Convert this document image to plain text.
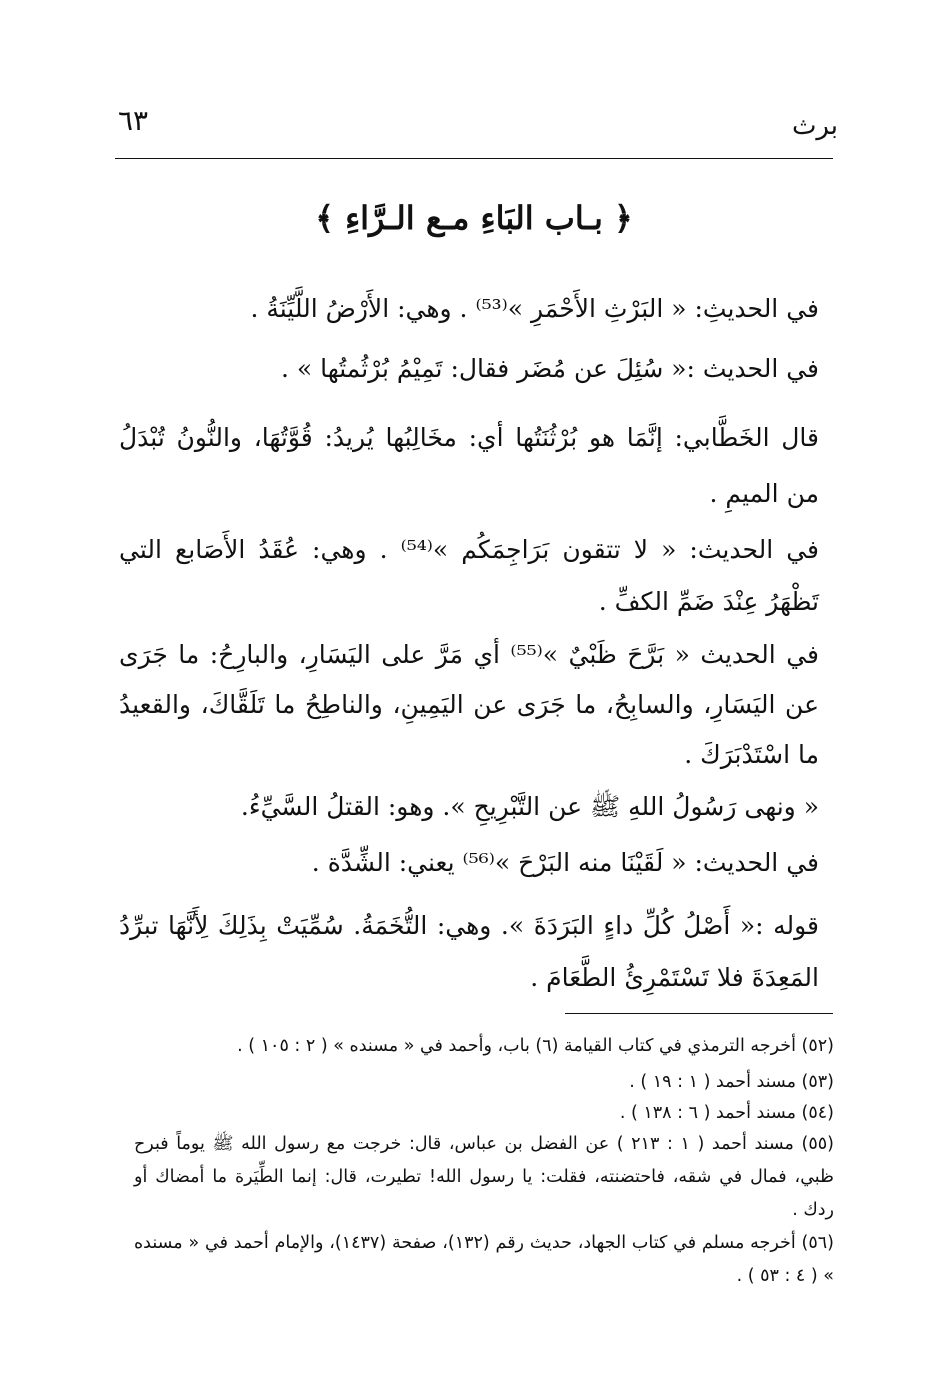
برث
٦٣
﴿ بـاب البَاءِ مـع الـرَّاءِ ﴾
في الحديثِ: « البَرْثِ الأَحْمَرِ »⁽⁵³⁾ . وهي: الأَرْضُ اللَّيِّنَةُ .
في الحديث :« سُئِلَ عن مُضَر فقال: تَمِيْمُ بُرْثُمتُها » .
قال الخَطَّابي: إنَّمَا هو بُرْثُنَتُها أي: مخَالِبُها يُريدُ: قُوَّتُهَا، والنُّونُ تُبْدَلُ من الميمِ .
في الحديث: « لا تتقون بَرَاجِمَكُم »⁽⁵⁴⁾ . وهي: عُقَدُ الأَصَابع التي تَظْهَرُ عِنْدَ ضَمِّ الكفِّ .
في الحديث « بَرَّحَ ظَبْيٌ »⁽⁵⁵⁾ أي مَرَّ على اليَسَارِ، والبارِحُ: ما جَرَى عن اليَسَارِ، والسابِحُ، ما جَرَى عن اليَمِينِ، والناطِحُ ما تَلَقَّاكَ، والقعيدُ ما اسْتَدْبَرَكَ .
« ونهى رَسُولُ اللهِ ﷺ عن التَّبْرِيحِ ». وهو: القتلُ السَّيِّءُ.
في الحديث: « لَقَيْنَا منه البَرْحَ »⁽⁵⁶⁾ يعني: الشِّدَّة .
قوله :« أَصْلُ كُلِّ داءٍ البَرَدَةَ ». وهي: التُّخَمَةُ. سُمِّيَتْ بِذَلِكَ لِأَنَّهَا تبرِّدُ المَعِدَةَ فلا تَسْتَمْرِئُ الطَّعَامَ .
(٥٢) أخرجه الترمذي في كتاب القيامة (٦) باب، وأحمد في « مسنده » ( ٢ : ١٠٥ ) .
(٥٣) مسند أحمد ( ١ : ١٩ ) .
(٥٤) مسند أحمد ( ٦ : ١٣٨ ) .
(٥٥) مسند أحمد ( ١ : ٢١٣ ) عن الفضل بن عباس، قال: خرجت مع رسول الله ﷺ يوماً فبرح ظبي، فمال في شقه، فاحتضنته، فقلت: يا رسول الله! تطيرت، قال: إنما الطِّيَرة ما أمضاك أو ردك .
(٥٦) أخرجه مسلم في كتاب الجهاد، حديث رقم (١٣٢)، صفحة (١٤٣٧)، والإمام أحمد في « مسنده » ( ٤ : ٥٣ ) .
